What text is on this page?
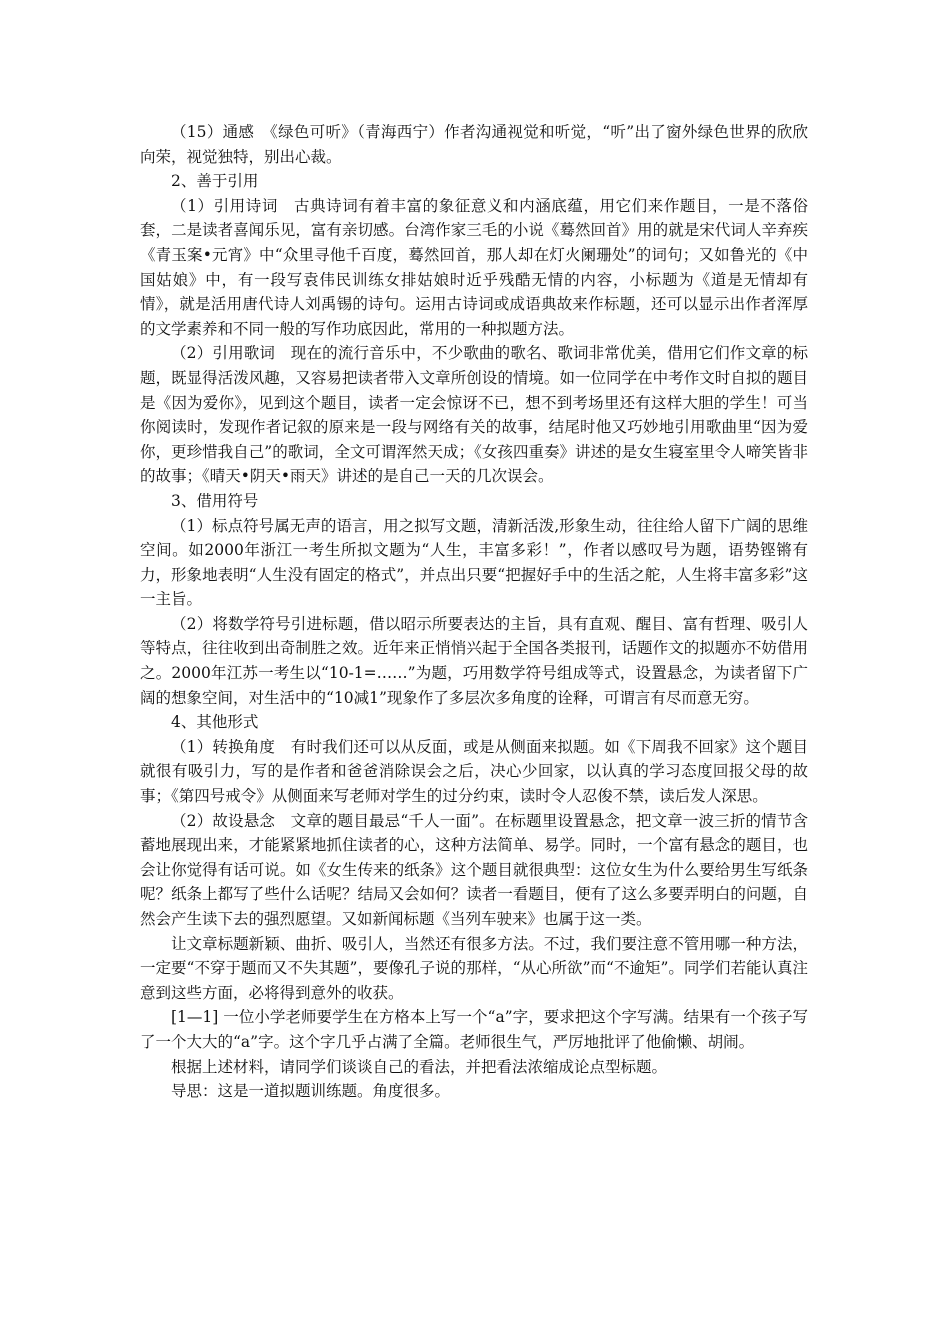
（15）通感　《绿色可听》（青海西宁）作者沟通视觉和听觉，“听”出了窗外绿色世界的欣欣向荣，视觉独特，别出心裁。

2、善于引用

（1）引用诗词　古典诗词有着丰富的象征意义和内涵底蕴，用它们来作题目，一是不落俗套，二是读者喜闻乐见，富有亲切感。台湾作家三毛的小说《蓦然回首》用的就是宋代词人辛弃疾《青玉案•元宵》中“众里寻他千百度，蓦然回首，那人却在灯火阑珊处”的词句；又如鲁光的《中国姑娘》中，有一段写袁伟民训练女排姑娘时近乎残酷无情的内容，小标题为《道是无情却有情》，就是活用唐代诗人刘禹锡的诗句。运用古诗词或成语典故来作标题，还可以显示出作者浑厚的文学素养和不同一般的写作功底因此，常用的一种拟题方法。

（2）引用歌词　现在的流行音乐中，不少歌曲的歌名、歌词非常优美，借用它们作文章的标题，既显得活泼风趣，又容易把读者带入文章所创设的情境。如一位同学在中考作文时自拟的题目是《因为爱你》，见到这个题目，读者一定会惊讶不已，想不到考场里还有这样大胆的学生！可当你阅读时，发现作者记叙的原来是一段与网络有关的故事，结尾时他又巧妙地引用歌曲里“因为爱你，更珍惜我自己”的歌词，全文可谓浑然天成；《女孩四重奏》讲述的是女生寝室里令人啼笑皆非的故事；《晴天•阴天•雨天》讲述的是自己一天的几次误会。

3、借用符号

（1）标点符号属无声的语言，用之拟写文题，清新活泼,形象生动，往往给人留下广阔的思维空间。如2000年浙江一考生所拟文题为“人生，丰富多彩！”，作者以感叹号为题，语势铿锵有力，形象地表明“人生没有固定的格式”，并点出只要“把握好手中的生活之舵，人生将丰富多彩”这一主旨。

（2）将数学符号引进标题，借以昭示所要表达的主旨，具有直观、醒目、富有哲理、吸引人等特点，往往收到出奇制胜之效。近年来正悄悄兴起于全国各类报刊，话题作文的拟题亦不妨借用之。2000年江苏一考生以“10-1=……”为题，巧用数学符号组成等式，设置悬念，为读者留下广阔的想象空间，对生活中的“10减1”现象作了多层次多角度的诠释，可谓言有尽而意无穷。

4、其他形式

（1）转换角度　有时我们还可以从反面，或是从侧面来拟题。如《下周我不回家》这个题目就很有吸引力，写的是作者和爸爸消除误会之后，决心少回家，以认真的学习态度回报父母的故事；《第四号戒令》从侧面来写老师对学生的过分约束，读时令人忍俊不禁，读后发人深思。

（2）故设悬念　文章的题目最忌“千人一面”。在标题里设置悬念，把文章一波三折的情节含蓄地展现出来，才能紧紧地抓住读者的心，这种方法简单、易学。同时，一个富有悬念的题目，也会让你觉得有话可说。如《女生传来的纸条》这个题目就很典型：这位女生为什么要给男生写纸条呢？纸条上都写了些什么话呢？结局又会如何？读者一看题目，便有了这么多要弄明白的问题，自然会产生读下去的强烈愿望。又如新闻标题《当列车驶来》也属于这一类。

让文章标题新颖、曲折、吸引人，当然还有很多方法。不过，我们要注意不管用哪一种方法，一定要“不穿于题而又不失其题”，要像孔子说的那样，“从心所欲”而“不逾矩”。同学们若能认真注意到这些方面，必将得到意外的收获。

[1—1] 一位小学老师要学生在方格本上写一个“a”字，要求把这个字写满。结果有一个孩子写了一个大大的“a”字。这个字几乎占满了全篇。老师很生气，严厉地批评了他偷懒、胡闹。

根据上述材料，请同学们谈谈自己的看法，并把看法浓缩成论点型标题。

导思：这是一道拟题训练题。角度很多。
